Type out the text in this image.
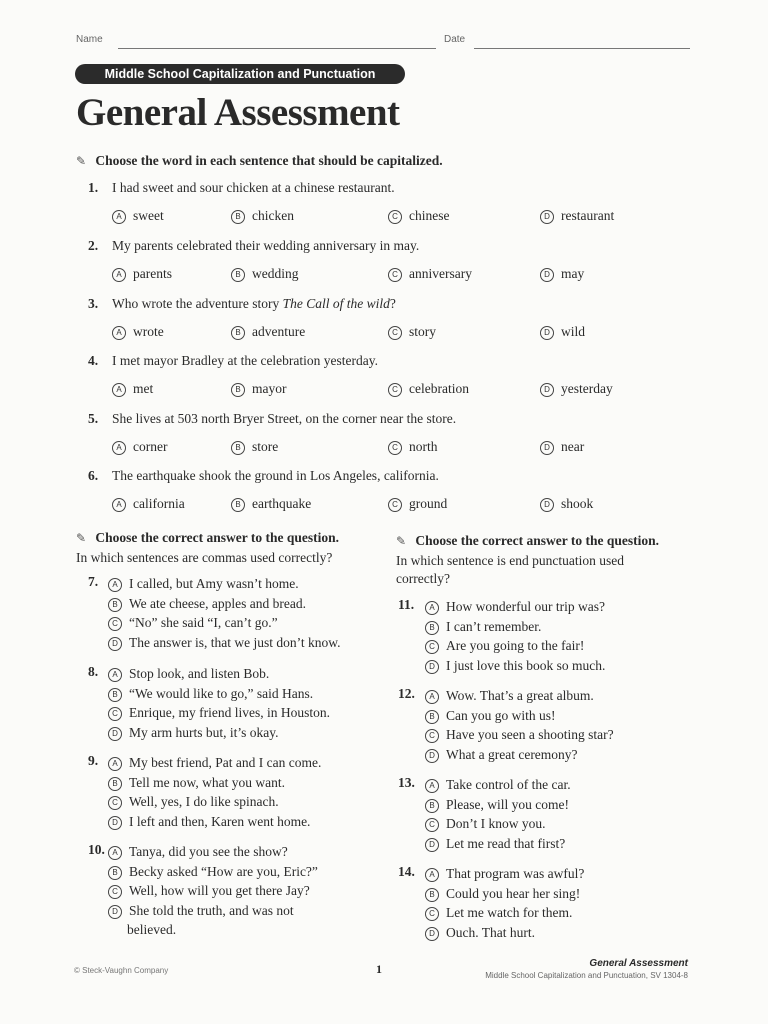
Name	Date
Middle School Capitalization and Punctuation
General Assessment
✎ Choose the word in each sentence that should be capitalized.
1. I had sweet and sour chicken at a chinese restaurant.
A sweet	B chicken	C chinese	D restaurant
2. My parents celebrated their wedding anniversary in may.
A parents	B wedding	C anniversary	D may
3. Who wrote the adventure story The Call of the wild?
A wrote	B adventure	C story	D wild
4. I met mayor Bradley at the celebration yesterday.
A met	B mayor	C celebration	D yesterday
5. She lives at 503 north Bryer Street, on the corner near the store.
A corner	B store	C north	D near
6. The earthquake shook the ground in Los Angeles, california.
A california	B earthquake	C ground	D shook
✎ Choose the correct answer to the question.
In which sentences are commas used correctly?
7.	A I called, but Amy wasn’t home.
B We ate cheese, apples and bread.
C “No” she said “I, can’t go.”
D The answer is, that we just don’t know.
8.	A Stop look, and listen Bob.
B “We would like to go,” said Hans.
C Enrique, my friend lives, in Houston.
D My arm hurts but, it’s okay.
9.	A My best friend, Pat and I can come.
B Tell me now, what you want.
C Well, yes, I do like spinach.
D I left and then, Karen went home.
10. A Tanya, did you see the show?
B Becky asked “How are you, Eric?”
C Well, how will you get there Jay?
D She told the truth, and was not
believed.
✎ Choose the correct answer to the question.
In which sentence is end punctuation used
correctly?
11.	A How wonderful our trip was?
B I can’t remember.
C Are you going to the fair!
D I just love this book so much.
12.	A Wow. That’s a great album.
B Can you go with us!
C Have you seen a shooting star?
D What a great ceremony?
13.	A Take control of the car.
B Please, will you come!
C Don’t I know you.
D Let me read that first?
14.	A That program was awful?
B Could you hear her sing!
C Let me watch for them.
D Ouch. That hurt.
© Steck-Vaughn Company	1	General Assessment
Middle School Capitalization and Punctuation, SV 1304-8
